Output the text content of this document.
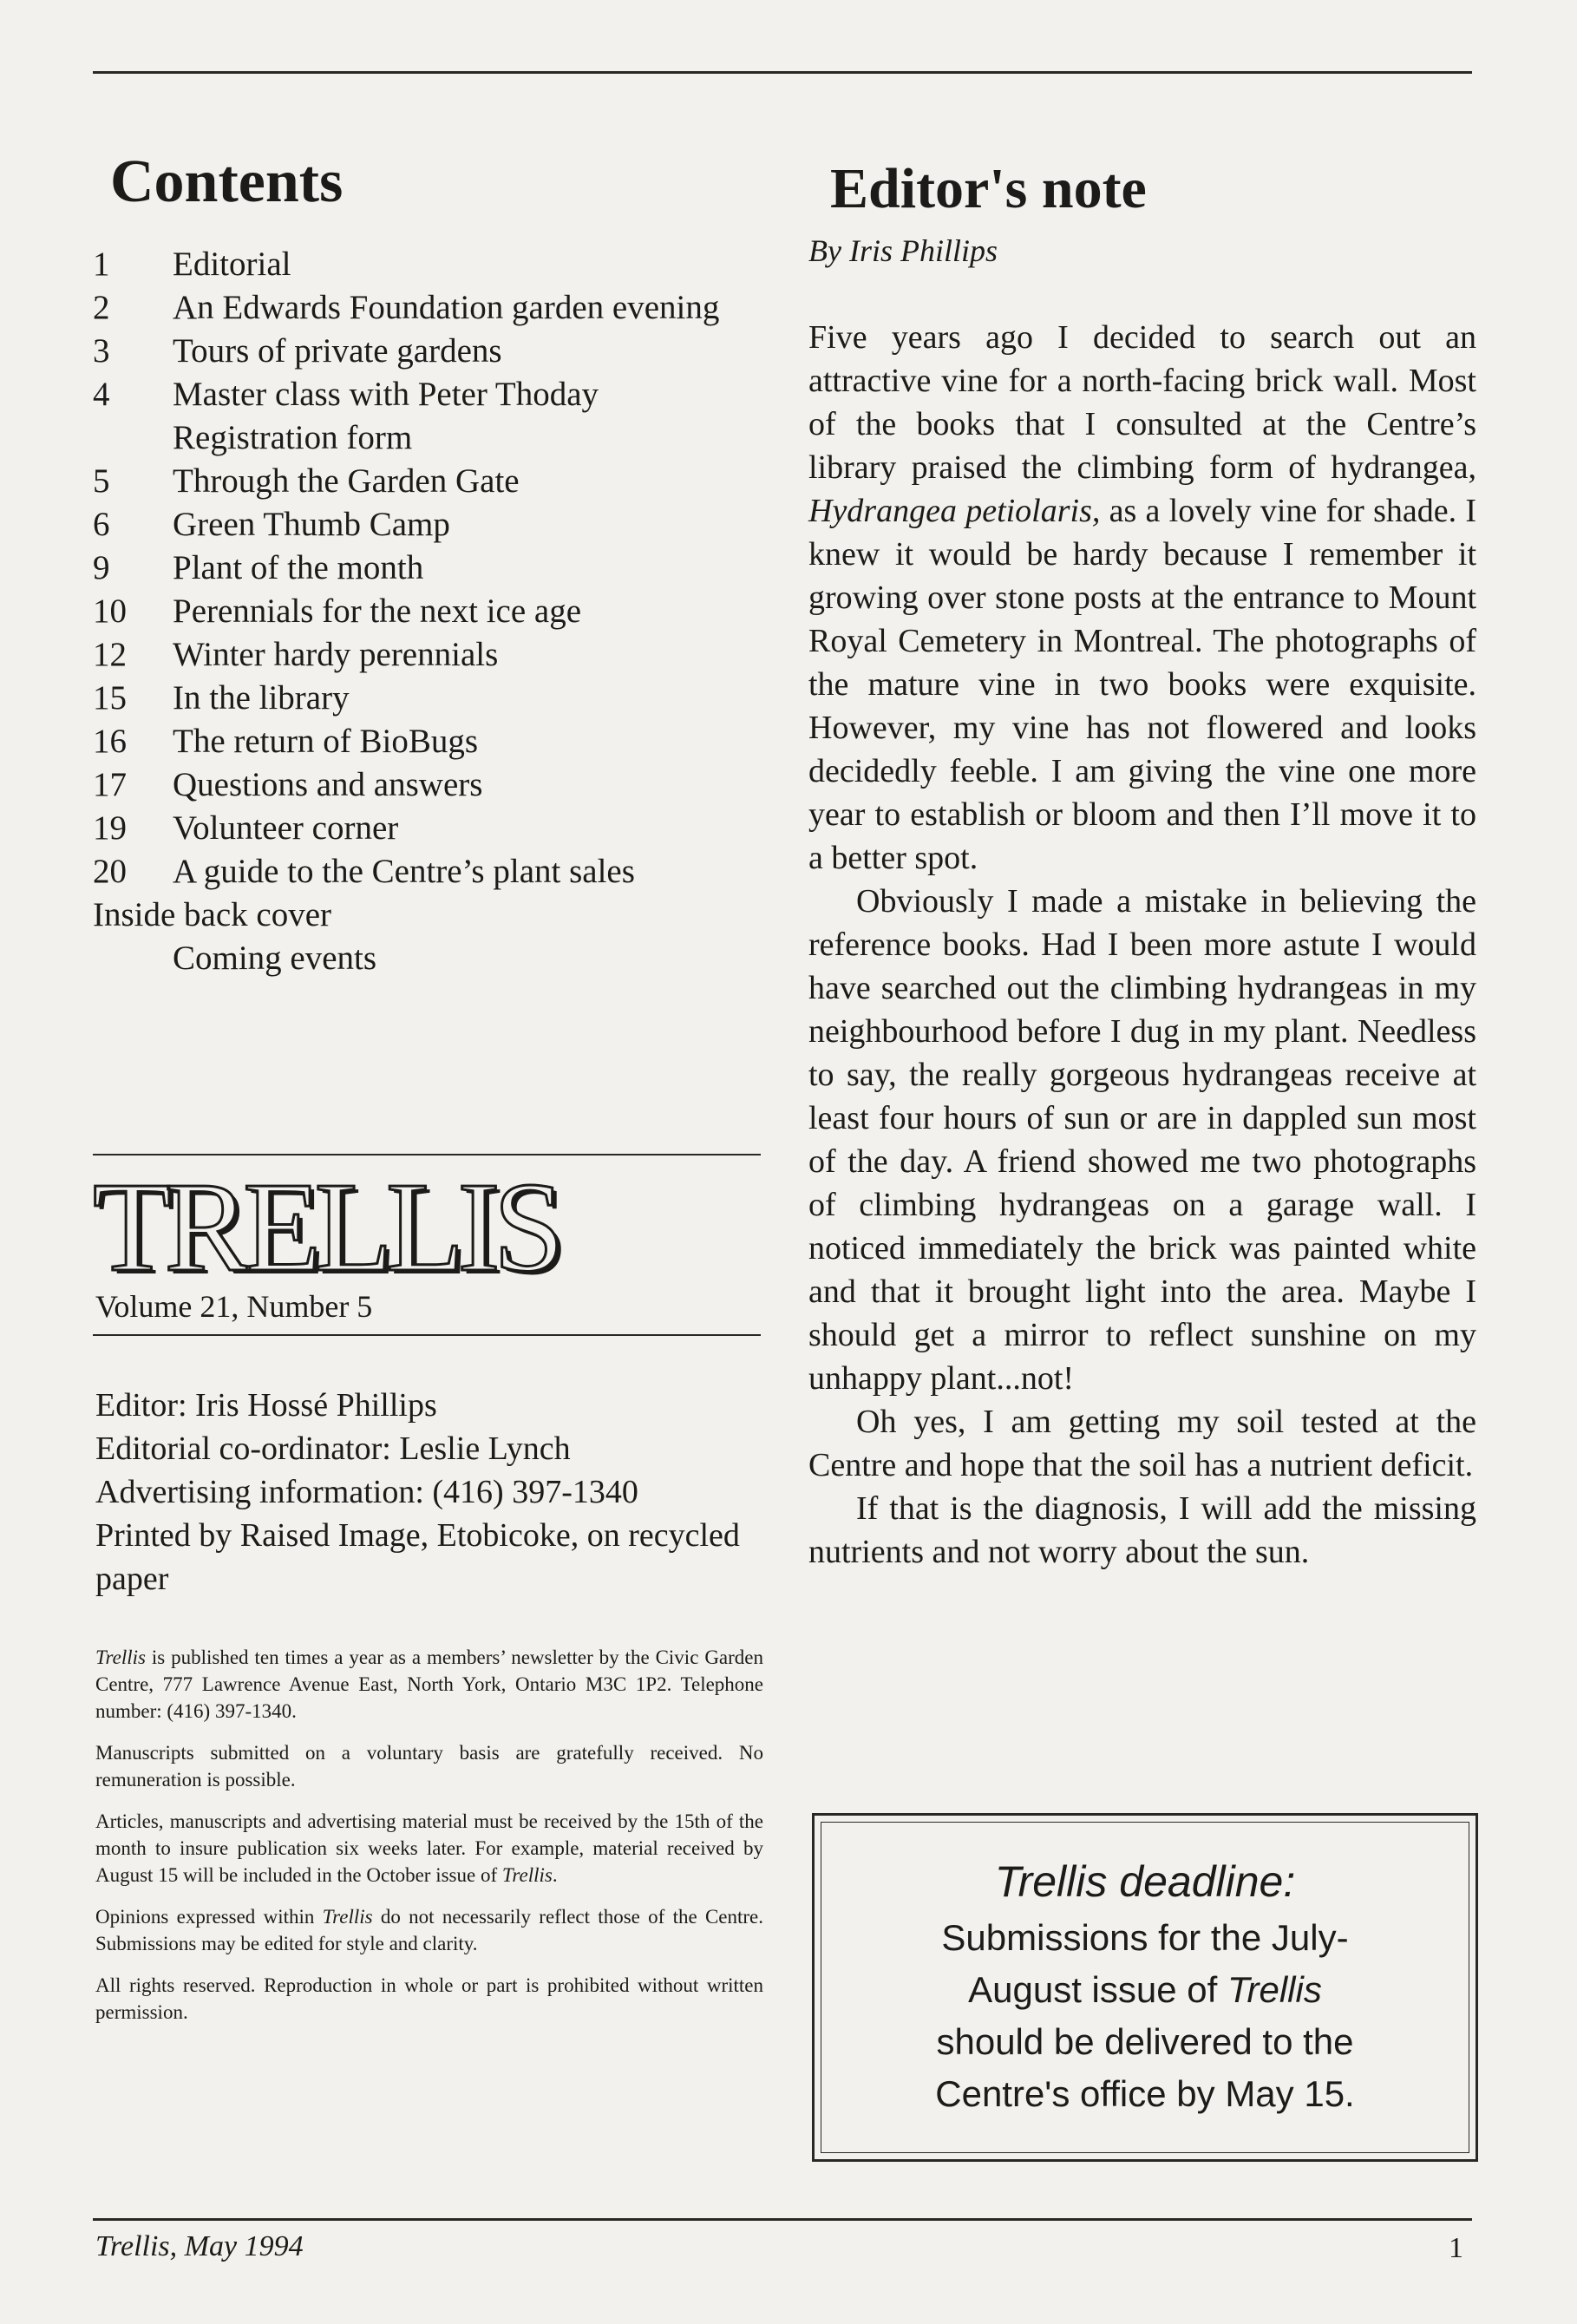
Contents
1	Editorial
2	An Edwards Foundation garden evening
3	Tours of private gardens
4	Master class with Peter Thoday
Registration form
5	Through the Garden Gate
6	Green Thumb Camp
9	Plant of the month
10	Perennials for the next ice age
12	Winter hardy perennials
15	In the library
16	The return of BioBugs
17	Questions and answers
19	Volunteer corner
20	A guide to the Centre’s plant sales
Inside back cover
Coming events
TRELLIS
Volume 21, Number 5
Editor: Iris Hossé Phillips
Editorial co-ordinator: Leslie Lynch
Advertising information: (416) 397-1340
Printed by Raised Image, Etobicoke, on recycled paper

Trellis is published ten times a year as a members’ newsletter by the Civic Garden Centre, 777 Lawrence Avenue East, North York, Ontario M3C 1P2. Telephone number: (416) 397-1340.

Manuscripts submitted on a voluntary basis are gratefully received. No remuneration is possible.

Articles, manuscripts and advertising material must be received by the 15th of the month to insure publication six weeks later. For example, material received by August 15 will be included in the October issue of Trellis.

Opinions expressed within Trellis do not necessarily reflect those of the Centre. Submissions may be edited for style and clarity.

All rights reserved. Reproduction in whole or part is prohibited without written permission.

Editor's note
By Iris Phillips

Five years ago I decided to search out an attractive vine for a north-facing brick wall. Most of the books that I consulted at the Centre’s library praised the climbing form of hydrangea, Hydrangea petiolaris, as a lovely vine for shade. I knew it would be hardy because I remember it growing over stone posts at the entrance to Mount Royal Cemetery in Montreal. The photographs of the mature vine in two books were exquisite. However, my vine has not flowered and looks decidedly feeble. I am giving the vine one more year to establish or bloom and then I’ll move it to a better spot.

Obviously I made a mistake in believing the reference books. Had I been more astute I would have searched out the climbing hydrangeas in my neighbourhood before I dug in my plant. Needless to say, the really gorgeous hydrangeas receive at least four hours of sun or are in dappled sun most of the day. A friend showed me two photographs of climbing hydrangeas on a garage wall. I noticed immediately the brick was painted white and that it brought light into the area. Maybe I should get a mirror to reflect sunshine on my unhappy plant...not!

Oh yes, I am getting my soil tested at the Centre and hope that the soil has a nutrient deficit.

If that is the diagnosis, I will add the missing nutrients and not worry about the sun.

Trellis deadline:
Submissions for the July-
August issue of Trellis
should be delivered to the
Centre's office by May 15.
Trellis, May 1994	1
